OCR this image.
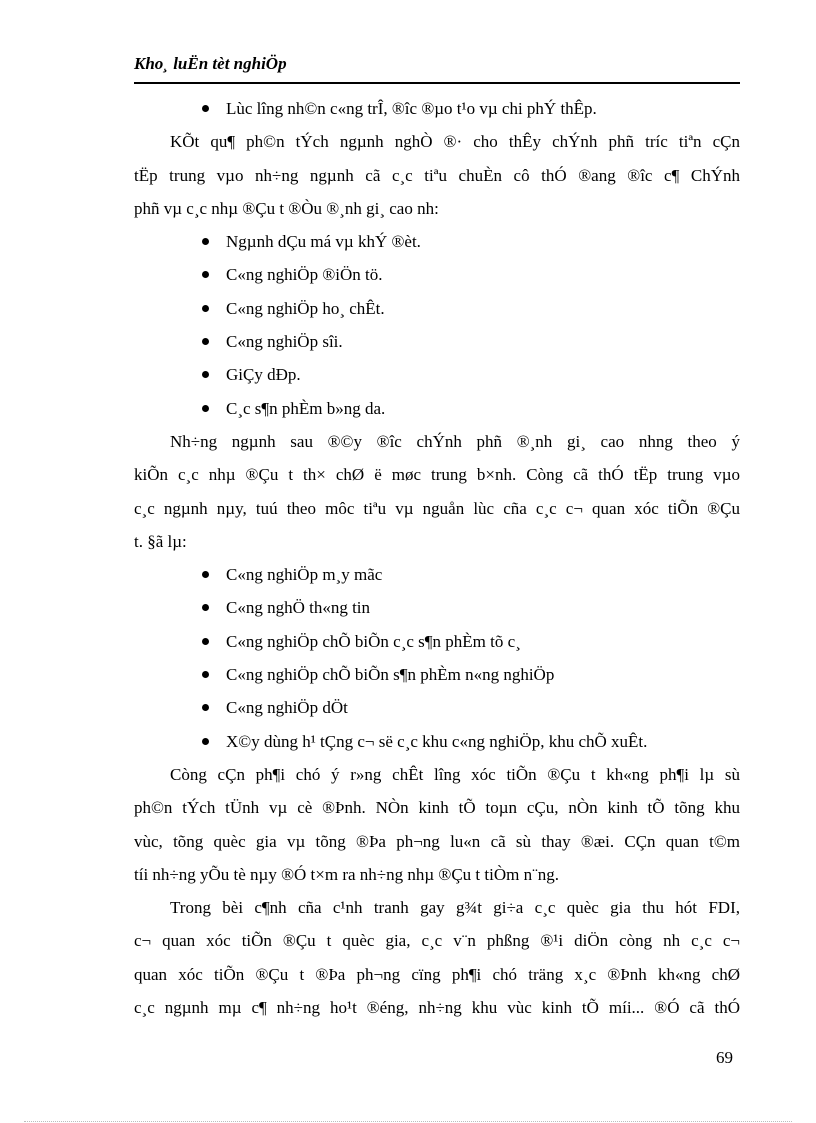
Kho¸ luËn tèt nghiÖp
Lùc lîng nh©n c«ng trÎ, ®îc ®µo t¹o vµ chi phÝ thÊp.
KÕt qu¶ ph©n tÝch ngµnh nghÒ ®· cho thÊy chÝnh phñ tríc tiªn cÇn
tËp trung vµo nh÷ng ngµnh cã c¸c tiªu chuÈn cô thÓ ®ang ®îc c¶ ChÝnh
phñ vµ c¸c nhµ ®Çu t ®Òu ®¸nh gi¸ cao nh:
Ngµnh dÇu má vµ khÝ ®èt.
C«ng nghiÖp ®iÖn tö.
C«ng nghiÖp ho¸ chÊt.
C«ng nghiÖp sîi.
GiÇy dÐp.
C¸c s¶n phÈm b»ng da.
Nh÷ng ngµnh sau ®©y ®îc chÝnh phñ ®¸nh gi¸ cao nhng theo ý
kiÕn c¸c nhµ ®Çu t th× chØ ë møc trung b×nh. Còng cã thÓ tËp trung vµo
c¸c ngµnh nµy, tuú theo môc tiªu vµ nguån lùc cña c¸c c¬ quan xóc tiÕn ®Çu
t. §ã lµ:
C«ng nghiÖp m¸y mãc
C«ng nghÖ th«ng tin
C«ng nghiÖp chÕ biÕn c¸c s¶n phÈm tõ c¸
C«ng nghiÖp chÕ biÕn s¶n phÈm n«ng nghiÖp
C«ng nghiÖp dÖt
X©y dùng h¹ tÇng c¬ së c¸c khu c«ng nghiÖp, khu chÕ xuÊt.
Còng cÇn ph¶i chó ý r»ng chÊt lîng xóc tiÕn ®Çu t kh«ng ph¶i lµ sù
ph©n tÝch tÜnh vµ cè ®Þnh. NÒn kinh tÕ toµn cÇu, nÒn kinh tÕ tõng khu
vùc, tõng quèc gia vµ tõng ®Þa ph¬ng lu«n cã sù thay ®æi. CÇn quan t©m
tíi nh÷ng yÕu tè nµy ®Ó t×m ra nh÷ng nhµ ®Çu t tiÒm n¨ng.
Trong bèi c¶nh cña c¹nh tranh gay g¾t gi÷a c¸c quèc gia thu hót FDI,
c¬ quan xóc tiÕn ®Çu t quèc gia, c¸c v¨n phßng ®¹i diÖn còng nh c¸c c¬
quan xóc tiÕn ®Çu t ®Þa ph¬ng cïng ph¶i chó träng x¸c ®Þnh kh«ng chØ
c¸c ngµnh mµ c¶ nh÷ng ho¹t ®éng, nh÷ng khu vùc kinh tÕ míi... ®Ó cã thÓ
69
